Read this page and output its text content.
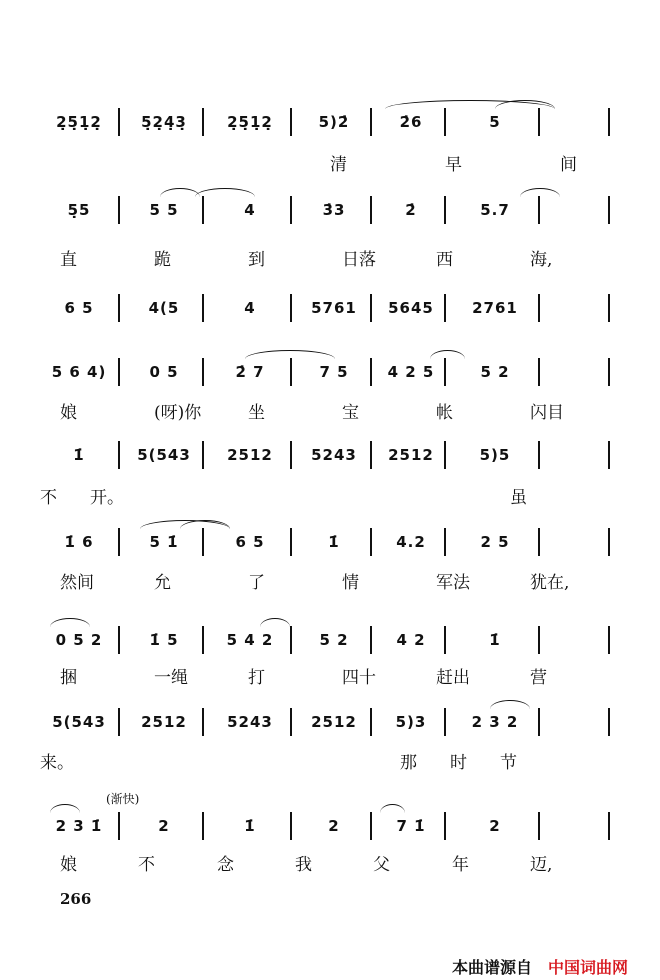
2̣5̣1̣2̣	5̣2̣4̣3̣	2̣5̣1̣2̣	5)2̇	2̇6	5
5̣5	5 5	4	3̇3	2̇	5.7
6 5	4(5	4	5761	5645	2761
5 6 4)	0 5	2̇ 7	7 5	4 2 5	5 2
1̇	5(543	2512	5243	2512	5)5
1̇ 6	5 1̇	6 5	1̇	4.2	2 5
0 5 2	1̇ 5	5 4 2	5 2	4 2	1̇
5(543	2512	5243	2512	5)3	2 3 2
2 3 1̇	2	1̇	2	7 1̇	2
(渐快)
266
本曲谱源自 中国词曲网
清	早	间
直	跪	到	日落	西	海,
娘	(呀)你	坐	宝	帐	闪目
不 开。	虽
然间	允	了	情	军法	犹在,
捆	一绳	打	四十	赶出	营
来。	那 时 节
娘	不	念	我	父	年	迈,
